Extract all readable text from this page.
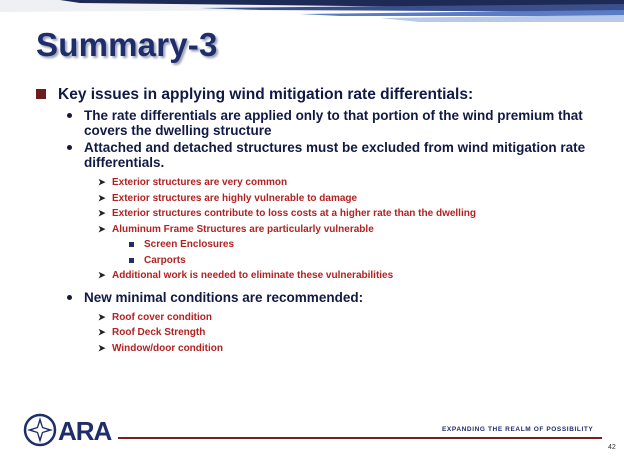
Summary-3
Key issues in applying wind mitigation rate differentials:
The rate differentials are applied only to that portion of the wind premium that covers the dwelling structure
Attached and detached structures must be excluded from wind mitigation rate differentials.
➤ Exterior structures are very common
➤ Exterior structures are highly vulnerable to damage
➤ Exterior structures contribute to loss costs at a higher rate than the dwelling
➤ Aluminum Frame Structures are particularly vulnerable
Screen Enclosures
Carports
➤ Additional work is needed to eliminate these vulnerabilities
New minimal conditions are recommended:
➤ Roof cover condition
➤ Roof Deck Strength
➤ Window/door condition
ARA	EXPANDING THE REALM OF POSSIBILITY
42
